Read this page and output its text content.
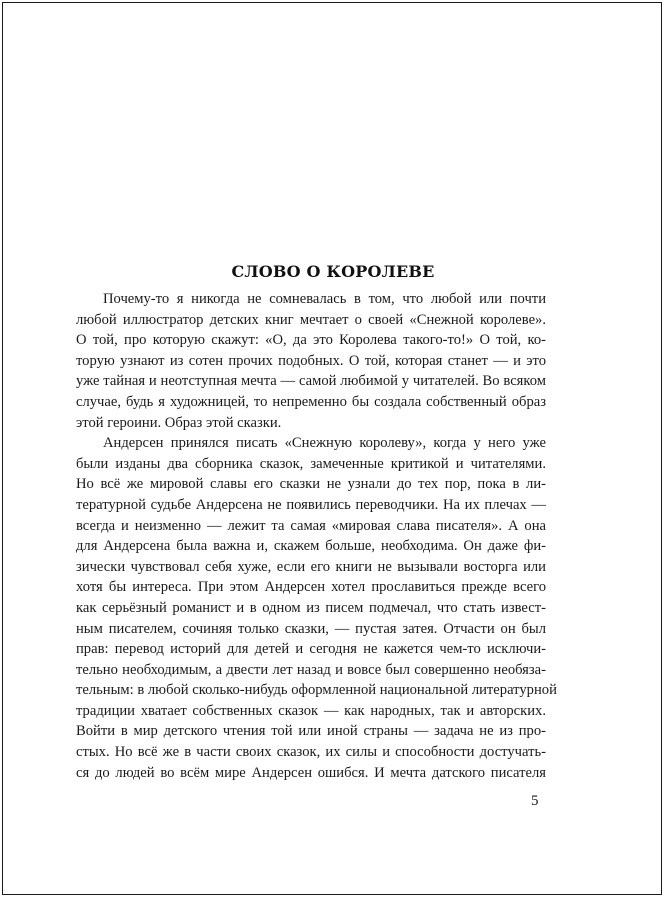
СЛОВО О КОРОЛЕВЕ
Почему-то я никогда не сомневалась в том, что любой или почти
любой иллюстратор детских книг мечтает о своей «Снежной королеве».
О той, про которую скажут: «О, да это Королева такого-то!» О той, ко-
торую узнают из сотен прочих подобных. О той, которая станет — и это
уже тайная и неотступная мечта — самой любимой у читателей. Во всяком
случае, будь я художницей, то непременно бы создала собственный образ
этой героини. Образ этой сказки.
Андерсен принялся писать «Снежную королеву», когда у него уже
были изданы два сборника сказок, замеченные критикой и читателями.
Но всё же мировой славы его сказки не узнали до тех пор, пока в ли-
тературной судьбе Андерсена не появились переводчики. На их плечах —
всегда и неизменно — лежит та самая «мировая слава писателя». А она
для Андерсена была важна и, скажем больше, необходима. Он даже фи-
зически чувствовал себя хуже, если его книги не вызывали восторга или
хотя бы интереса. При этом Андерсен хотел прославиться прежде всего
как серьёзный романист и в одном из писем подмечал, что стать извест-
ным писателем, сочиняя только сказки, — пустая затея. Отчасти он был
прав: перевод историй для детей и сегодня не кажется чем-то исключи-
тельно необходимым, а двести лет назад и вовсе был совершенно необяза-
тельным: в любой сколько-нибудь оформленной национальной литературной
традиции хватает собственных сказок — как народных, так и авторских.
Войти в мир детского чтения той или иной страны — задача не из про-
стых. Но всё же в части своих сказок, их силы и способности достучать-
ся до людей во всём мире Андерсен ошибся. И мечта датского писателя
5
